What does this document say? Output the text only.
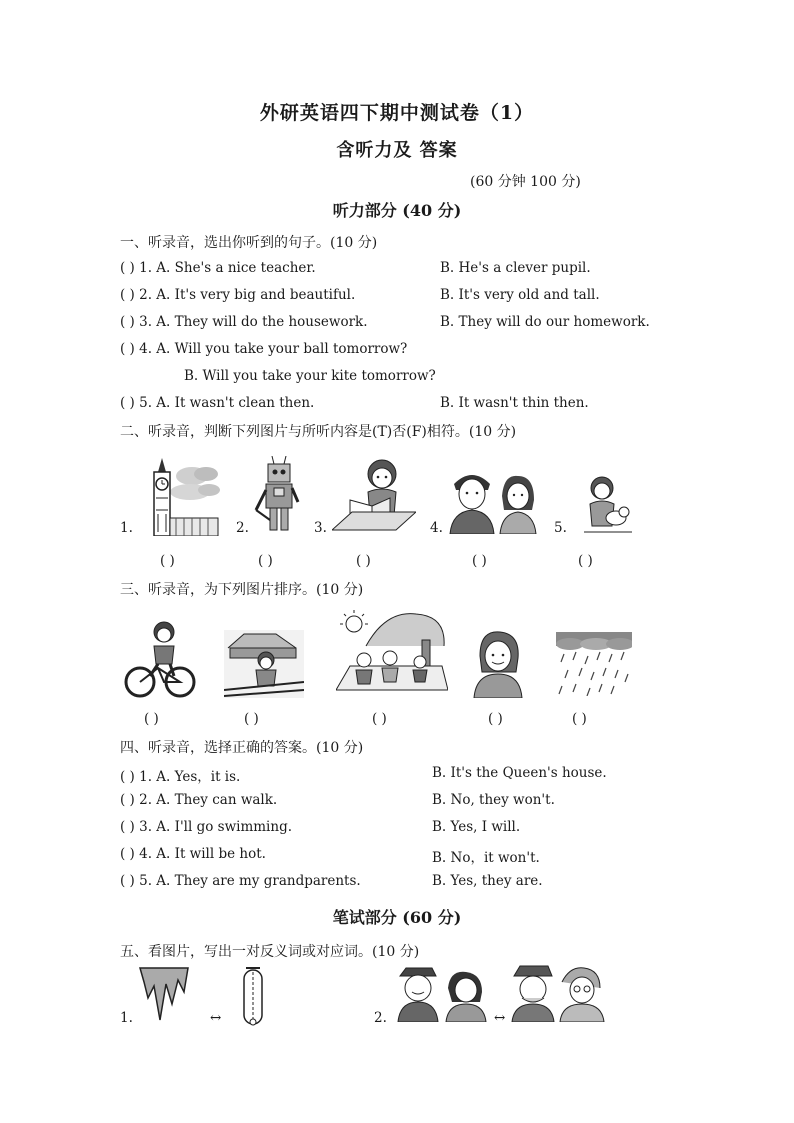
外研英语四下期中测试卷（1）
含听力及 答案
(60 分钟 100 分)
听力部分 (40 分)
一、听录音，选出你听到的句子。(10 分)
( ) 1. A. She's a nice teacher.	B. He's a clever pupil.
( ) 2. A. It's very big and beautiful.	B. It's very old and tall.
( ) 3. A. They will do the housework.	B. They will do our homework.
( ) 4. A. Will you take your ball tomorrow?
B. Will you take your kite tomorrow?
( ) 5. A. It wasn't clean then.	B. It wasn't thin then.
二、听录音，判断下列图片与所听内容是(T)否(F)相符。(10 分)
1.	2.	3.	4.	5.
( )	( )	( )	( )	( )
三、听录音，为下列图片排序。(10 分)
( )	( )	( )	( )	( )
四、听录音，选择正确的答案。(10 分)
( ) 1. A. Yes，it is.	B. It's the Queen's house.
( ) 2. A. They can walk.	B. No, they won't.
( ) 3. A. I'll go swimming.	B. Yes, I will.
( ) 4. A. It will be hot.	B. No，it won't.
( ) 5. A. They are my grandparents.	B. Yes, they are.
笔试部分 (60 分)
五、看图片，写出一对反义词或对应词。(10 分)
1.	↔	2.	↔
